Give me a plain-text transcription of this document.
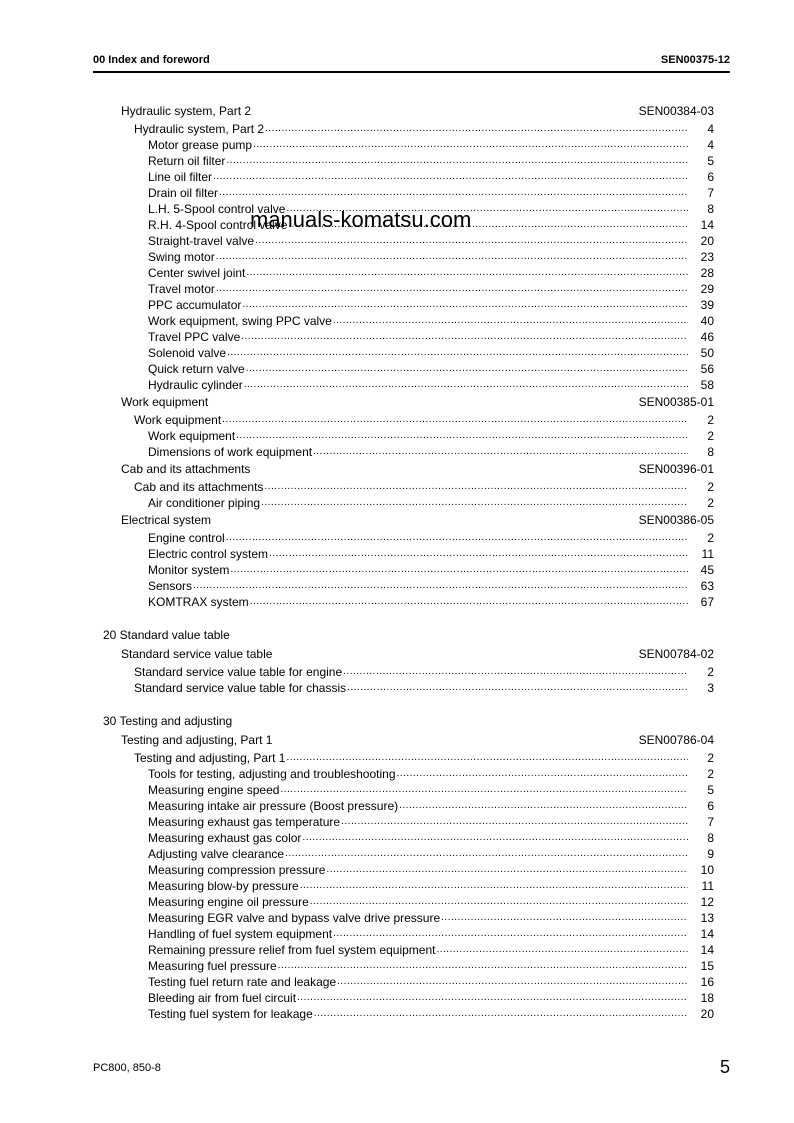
00 Index and foreword	SEN00375-12
Hydraulic system, Part 2	SEN00384-03
Hydraulic system, Part 2 .....	4
Motor grease pump .....	4
Return oil filter .....	5
Line oil filter .....	6
Drain oil filter .....	7
L.H. 5-Spool control valve .....	8
R.H. 4-Spool control valve .....	14
Straight-travel valve .....	20
Swing motor .....	23
Center swivel joint .....	28
Travel motor .....	29
PPC accumulator .....	39
Work equipment, swing PPC valve .....	40
Travel PPC valve .....	46
Solenoid valve .....	50
Quick return valve .....	56
Hydraulic cylinder .....	58
Work equipment	SEN00385-01
Work equipment .....	2
Work equipment .....	2
Dimensions of work equipment .....	8
Cab and its attachments	SEN00396-01
Cab and its attachments .....	2
Air conditioner piping .....	2
Electrical system	SEN00386-05
Engine control .....	2
Electric control system .....	11
Monitor system .....	45
Sensors .....	63
KOMTRAX system .....	67
20 Standard value table
Standard service value table	SEN00784-02
Standard service value table for engine .....	2
Standard service value table for chassis .....	3
30 Testing and adjusting
Testing and adjusting, Part 1	SEN00786-04
Testing and adjusting, Part 1 .....	2
Tools for testing, adjusting and troubleshooting .....	2
Measuring engine speed .....	5
Measuring intake air pressure (Boost pressure) .....	6
Measuring exhaust gas temperature .....	7
Measuring exhaust gas color .....	8
Adjusting valve clearance .....	9
Measuring compression pressure .....	10
Measuring blow-by pressure .....	11
Measuring engine oil pressure .....	12
Measuring EGR valve and bypass valve drive pressure .....	13
Handling of fuel system equipment .....	14
Remaining pressure relief from fuel system equipment .....	14
Measuring fuel pressure .....	15
Testing fuel return rate and leakage .....	16
Bleeding air from fuel circuit .....	18
Testing fuel system for leakage .....	20
manuals-komatsu.com
PC800, 850-8	5
